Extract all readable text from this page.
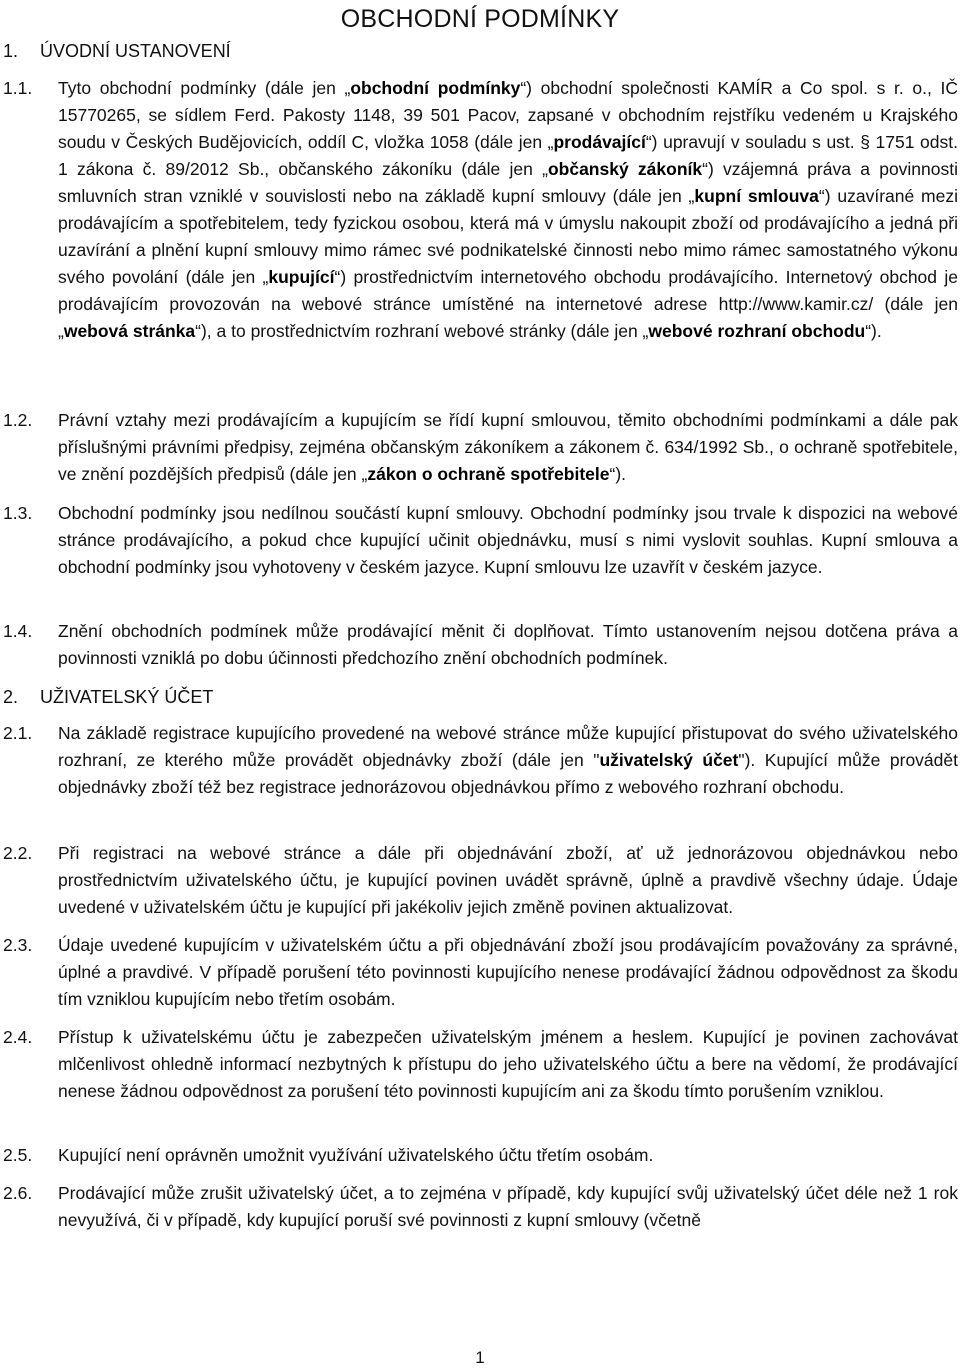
OBCHODNÍ PODMÍNKY
1. ÚVODNÍ USTANOVENÍ
1.1.	Tyto obchodní podmínky (dále jen „obchodní podmínky“) obchodní společnosti KAMÍR a Co spol. s r. o., IČ 15770265, se sídlem Ferd. Pakosty 1148, 39 501 Pacov, zapsané v obchodním rejstříku vedeném u Krajského soudu v Českých Budějovicích, oddíl C, vložka 1058 (dále jen „prodávající“) upravují v souladu s ust. § 1751 odst. 1 zákona č. 89/2012 Sb., občanského zákoníku (dále jen „občanský zákoník“) vzájemná práva a povinnosti smluvních stran vzniklé v souvislosti nebo na základě kupní smlouvy (dále jen „kupní smlouva“) uzavírané mezi prodávajícím a spotřebitelem, tedy fyzickou osobou, která má v úmyslu nakoupit zboží od prodávajícího a jedná při uzavírání a plnění kupní smlouvy mimo rámec své podnikatelské činnosti nebo mimo rámec samostatného výkonu svého povolání (dále jen „kupující“) prostřednictvím internetového obchodu prodávajícího. Internetový obchod je prodávajícím provozován na webové stránce umístěné na internetové adrese http://www.kamir.cz/ (dále jen „webová stránka“), a to prostřednictvím rozhraní webové stránky (dále jen „webové rozhraní obchodu“).
1.2.	Právní vztahy mezi prodávajícím a kupujícím se řídí kupní smlouvou, těmito obchodními podmínkami a dále pak příslušnými právními předpisy, zejména občanským zákoníkem a zákonem č. 634/1992 Sb., o ochraně spotřebitele, ve znění pozdějších předpisů (dále jen „zákon o ochraně spotřebitele“).
1.3.	Obchodní podmínky jsou nedílnou součástí kupní smlouvy. Obchodní podmínky jsou trvale k dispozici na webové stránce prodávajícího, a pokud chce kupující učinit objednávku, musí s nimi vyslovit souhlas. Kupní smlouva a obchodní podmínky jsou vyhotoveny v českém jazyce. Kupní smlouvu lze uzavřít v českém jazyce.
1.4.	Znění obchodních podmínek může prodávající měnit či doplňovat. Tímto ustanovením nejsou dotčena práva a povinnosti vzniklá po dobu účinnosti předchozího znění obchodních podmínek.
2. UŽIVATELSKÝ ÚČET
2.1.	Na základě registrace kupujícího provedené na webové stránce může kupující přistupovat do svého uživatelského rozhraní, ze kterého může provádět objednávky zboží (dále jen "uživatelský účet"). Kupující může provádět objednávky zboží též bez registrace jednorázovou objednávkou přímo z webového rozhraní obchodu.
2.2.	Při registraci na webové stránce a dále při objednávání zboží, ať už jednorázovou objednávkou nebo prostřednictvím uživatelského účtu, je kupující povinen uvádět správně, úplně a pravdivě všechny údaje. Údaje uvedené v uživatelském účtu je kupující při jakékoliv jejich změně povinen aktualizovat.
2.3.	Údaje uvedené kupujícím v uživatelském účtu a při objednávání zboží jsou prodávajícím považovány za správné, úplné a pravdivé. V případě porušení této povinnosti kupujícího nenese prodávající žádnou odpovědnost za škodu tím vzniklou kupujícím nebo třetím osobám.
2.4.	Přístup k uživatelskému účtu je zabezpečen uživatelským jménem a heslem. Kupující je povinen zachovávat mlčenlivost ohledně informací nezbytných k přístupu do jeho uživatelského účtu a bere na vědomí, že prodávající nenese žádnou odpovědnost za porušení této povinnosti kupujícím ani za škodu tímto porušením vzniklou.
2.5.	Kupující není oprávněn umožnit využívání uživatelského účtu třetím osobám.
2.6.	Prodávající může zrušit uživatelský účet, a to zejména v případě, kdy kupující svůj uživatelský účet déle než 1 rok nevyužívá, či v případě, kdy kupující poruší své povinnosti z kupní smlouvy (včetně
1
